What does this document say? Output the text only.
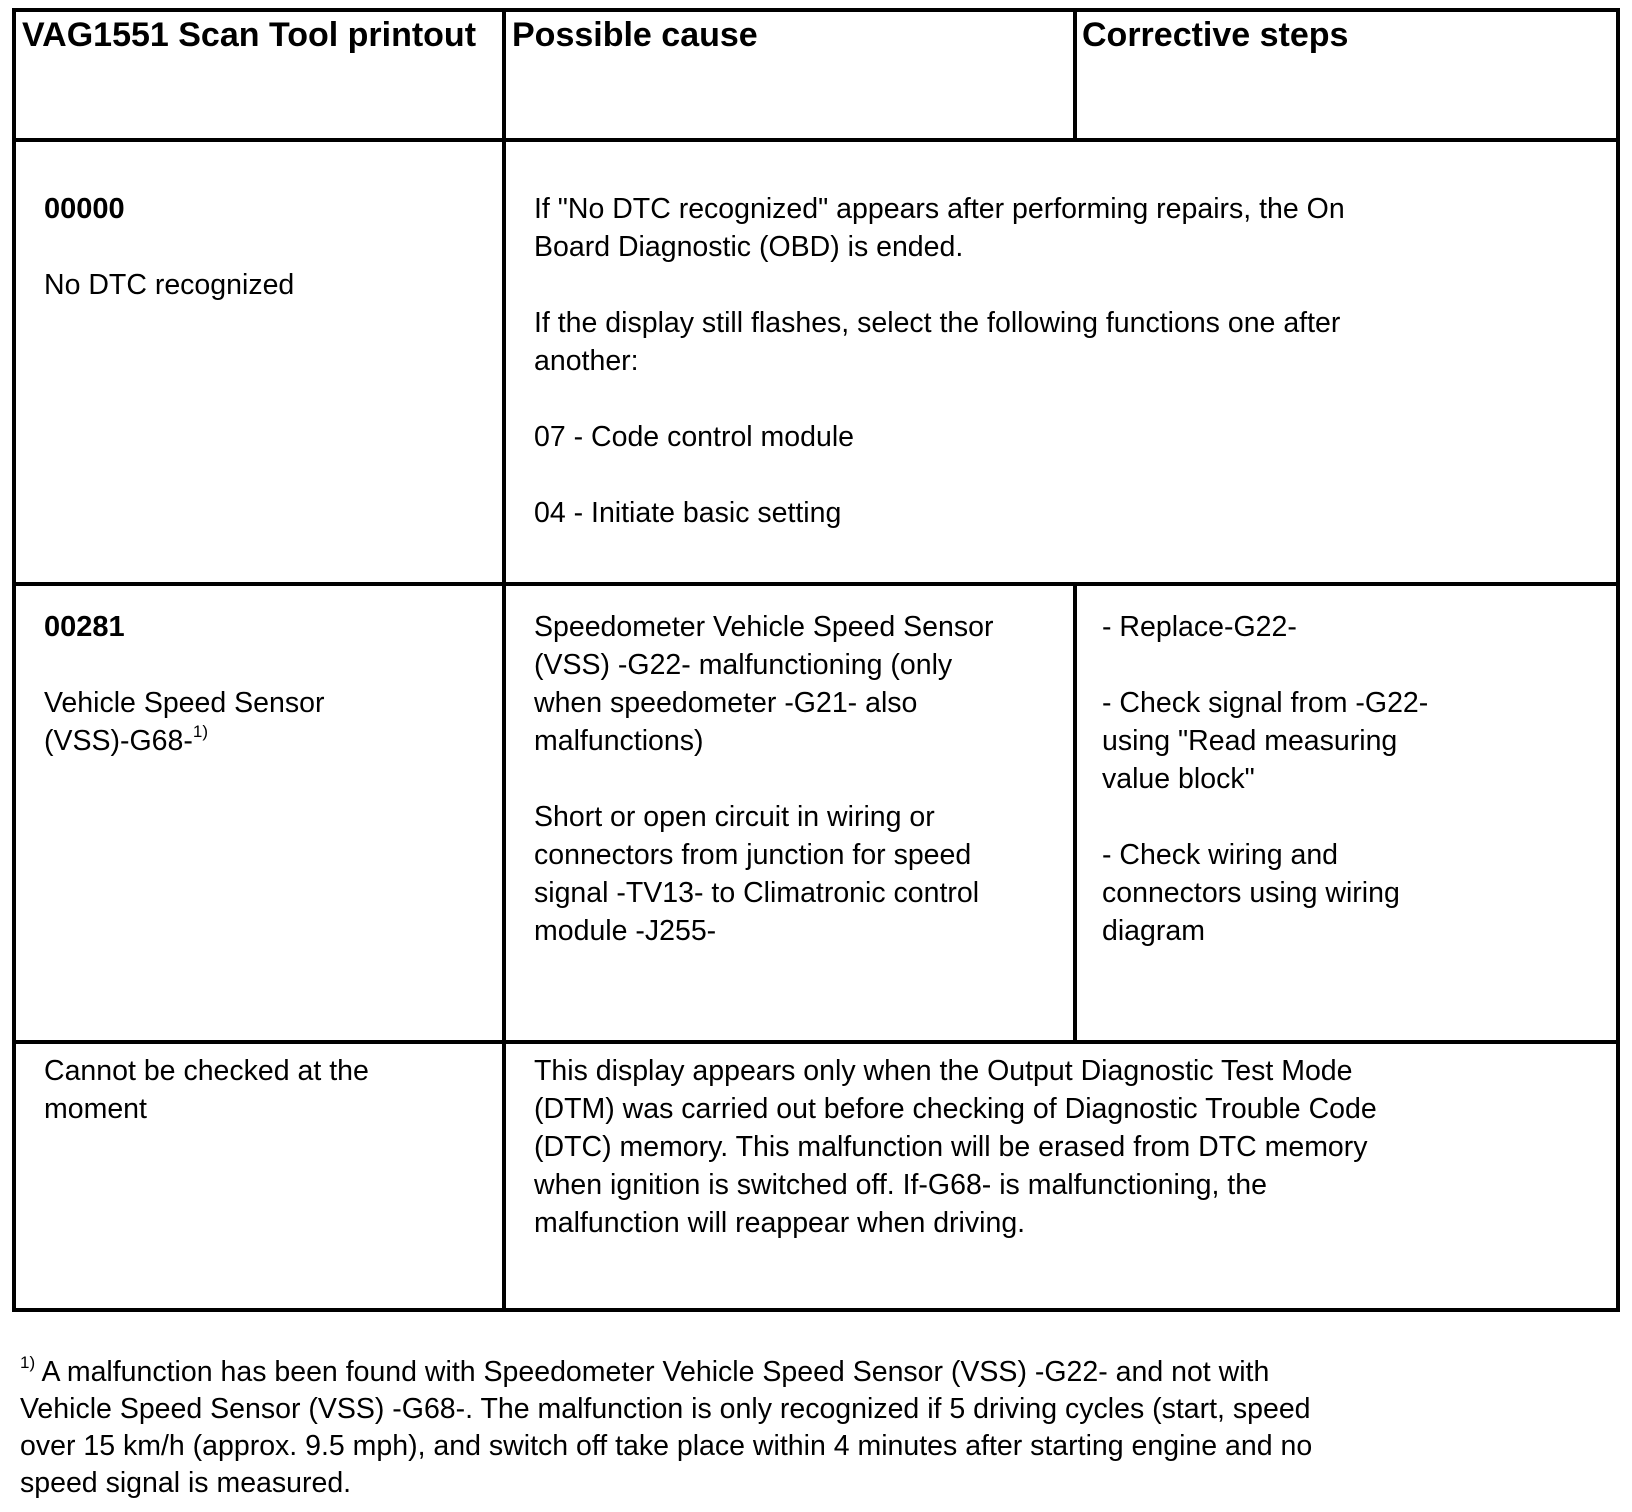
VAG1551 Scan Tool printout	Possible cause	Corrective steps

00000

No DTC recognized

If "No DTC recognized" appears after performing repairs, the On Board Diagnostic (OBD) is ended.

If the display still flashes, select the following functions one after another:

07 - Code control module

04 - Initiate basic setting

00281

Vehicle Speed Sensor (VSS)-G68-$^{1)}$

Speedometer Vehicle Speed Sensor (VSS) -G22- malfunctioning (only when speedometer -G21- also malfunctions)

Short or open circuit in wiring or connectors from junction for speed signal -TV13- to Climatronic control module -J255-

- Replace-G22-

- Check signal from -G22- using "Read measuring value block"

- Check wiring and connectors using wiring diagram

Cannot be checked at the moment

This display appears only when the Output Diagnostic Test Mode (DTM) was carried out before checking of Diagnostic Trouble Code (DTC) memory. This malfunction will be erased from DTC memory when ignition is switched off. If-G68- is malfunctioning, the malfunction will reappear when driving.

$^{1)}$ A malfunction has been found with Speedometer Vehicle Speed Sensor (VSS) -G22- and not with Vehicle Speed Sensor (VSS) -G68-. The malfunction is only recognized if 5 driving cycles (start, speed over 15 km/h (approx. 9.5 mph), and switch off take place within 4 minutes after starting engine and no speed signal is measured.
